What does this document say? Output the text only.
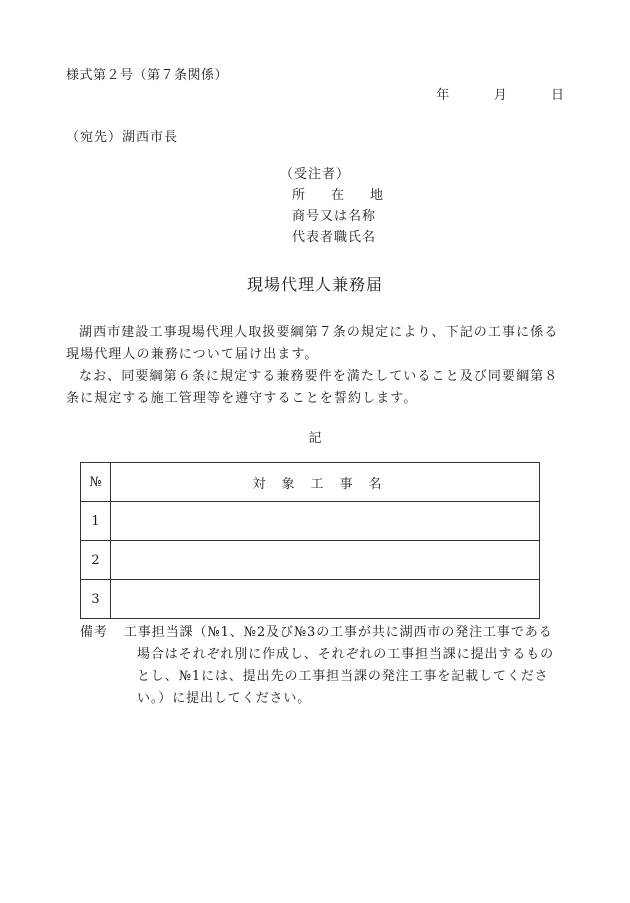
様式第２号（第７条関係）
年	月	日
（宛先）湖西市長
（受注者）
所　　在　　地
商号又は名称
代表者職氏名
現場代理人兼務届

湖西市建設工事現場代理人取扱要綱第７条の規定により、下記の工事に係る現場代理人の兼務について届け出ます。

なお、同要綱第６条に規定する兼務要件を満たしていること及び同要綱第８条に規定する施工管理等を遵守することを誓約します。

記
№	対象工事名
1	
2	
3	
備考	工事担当課（№1、№2及び№3の工事が共に湖西市の発注工事である場合はそれぞれ別に作成し、それぞれの工事担当課に提出するものとし、№1には、提出先の工事担当課の発注工事を記載してください。）に提出してください。
